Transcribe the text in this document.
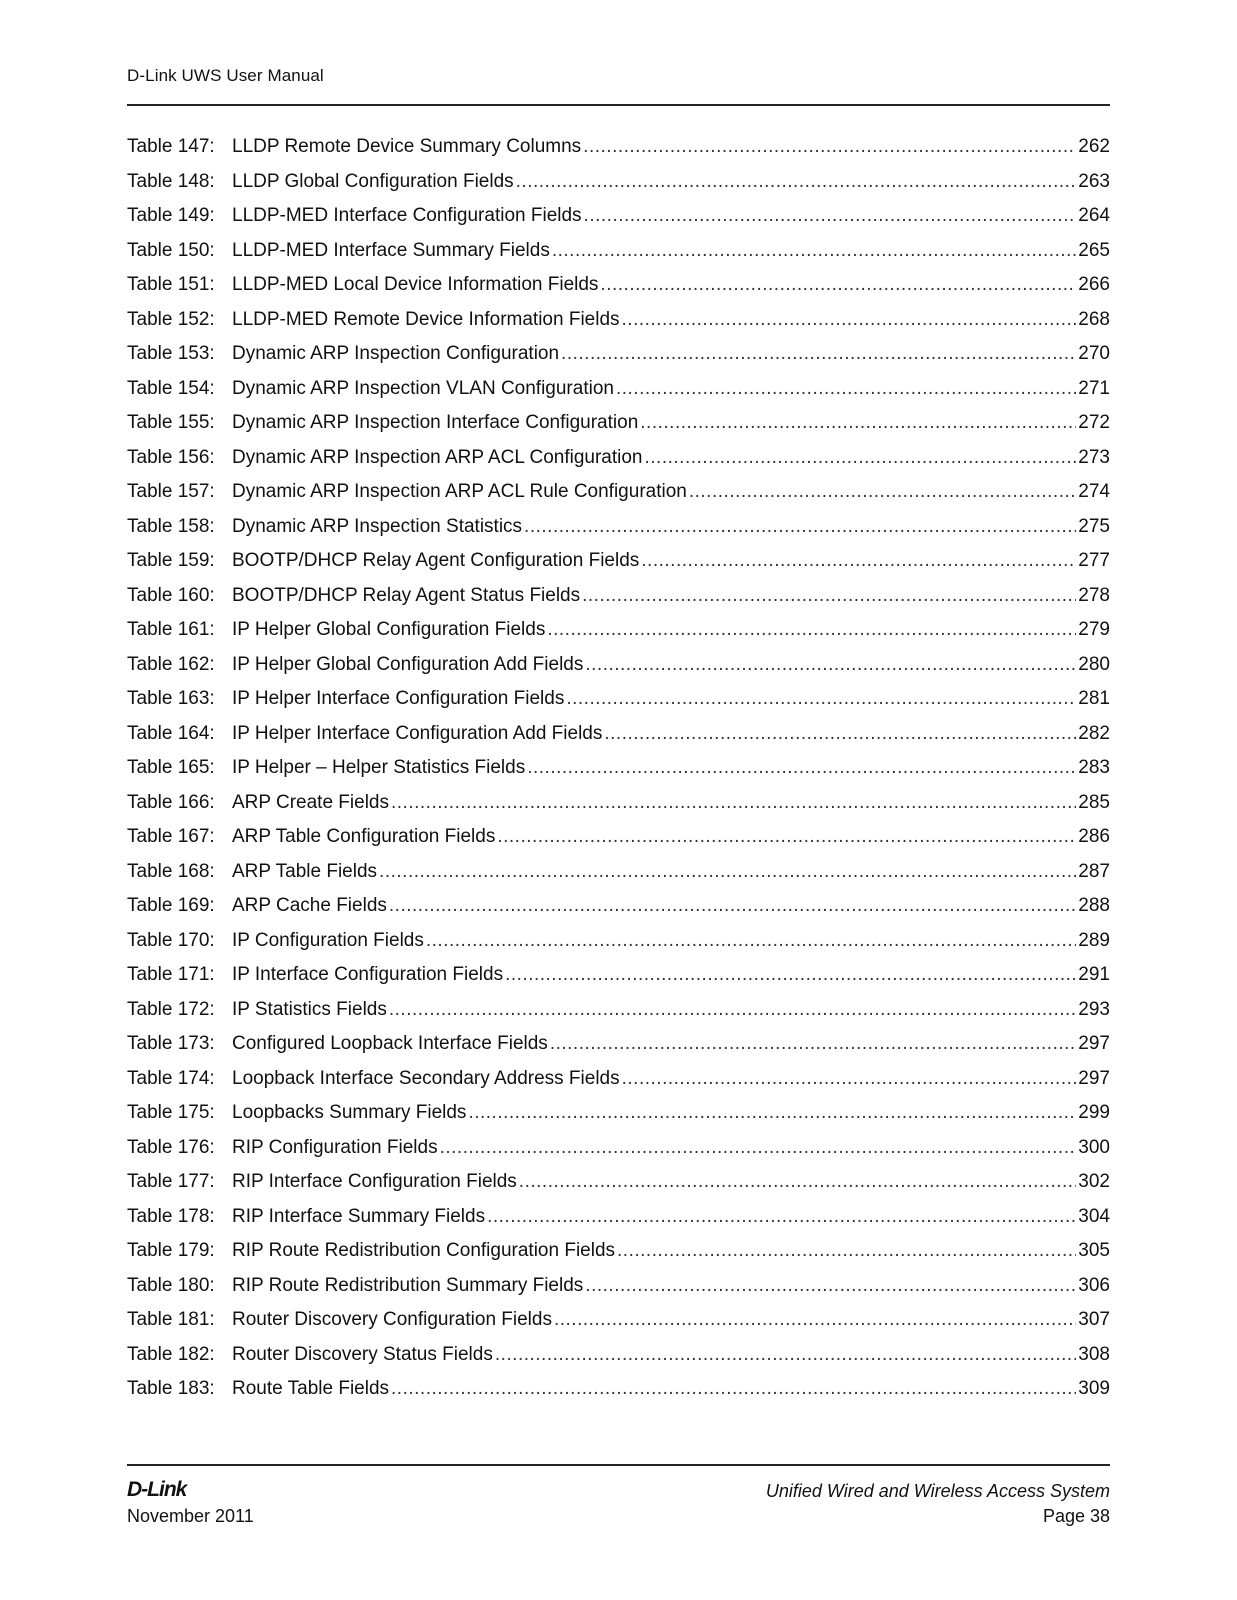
D-Link UWS User Manual
Table 147: LLDP Remote Device Summary Columns .....	262
Table 148: LLDP Global Configuration Fields .....	263
Table 149: LLDP-MED Interface Configuration Fields .....	264
Table 150: LLDP-MED Interface Summary Fields .....	265
Table 151: LLDP-MED Local Device Information Fields .....	266
Table 152: LLDP-MED Remote Device Information Fields .....	268
Table 153: Dynamic ARP Inspection Configuration .....	270
Table 154: Dynamic ARP Inspection VLAN Configuration .....	271
Table 155: Dynamic ARP Inspection Interface Configuration .....	272
Table 156: Dynamic ARP Inspection ARP ACL Configuration .....	273
Table 157: Dynamic ARP Inspection ARP ACL Rule Configuration .....	274
Table 158: Dynamic ARP Inspection Statistics .....	275
Table 159: BOOTP/DHCP Relay Agent Configuration Fields .....	277
Table 160: BOOTP/DHCP Relay Agent Status Fields .....	278
Table 161: IP Helper Global Configuration Fields .....	279
Table 162: IP Helper Global Configuration Add Fields .....	280
Table 163: IP Helper Interface Configuration Fields .....	281
Table 164: IP Helper Interface Configuration Add Fields .....	282
Table 165: IP Helper – Helper Statistics Fields .....	283
Table 166: ARP Create Fields .....	285
Table 167: ARP Table Configuration Fields .....	286
Table 168: ARP Table Fields .....	287
Table 169: ARP Cache Fields .....	288
Table 170: IP Configuration Fields .....	289
Table 171: IP Interface Configuration Fields .....	291
Table 172: IP Statistics Fields .....	293
Table 173: Configured Loopback Interface Fields .....	297
Table 174: Loopback Interface Secondary Address Fields .....	297
Table 175: Loopbacks Summary Fields .....	299
Table 176: RIP Configuration Fields .....	300
Table 177: RIP Interface Configuration Fields .....	302
Table 178: RIP Interface Summary Fields .....	304
Table 179: RIP Route Redistribution Configuration Fields .....	305
Table 180: RIP Route Redistribution Summary Fields .....	306
Table 181: Router Discovery Configuration Fields .....	307
Table 182: Router Discovery Status Fields .....	308
Table 183: Route Table Fields .....	309
D-Link
November 2011
Unified Wired and Wireless Access System
Page 38
